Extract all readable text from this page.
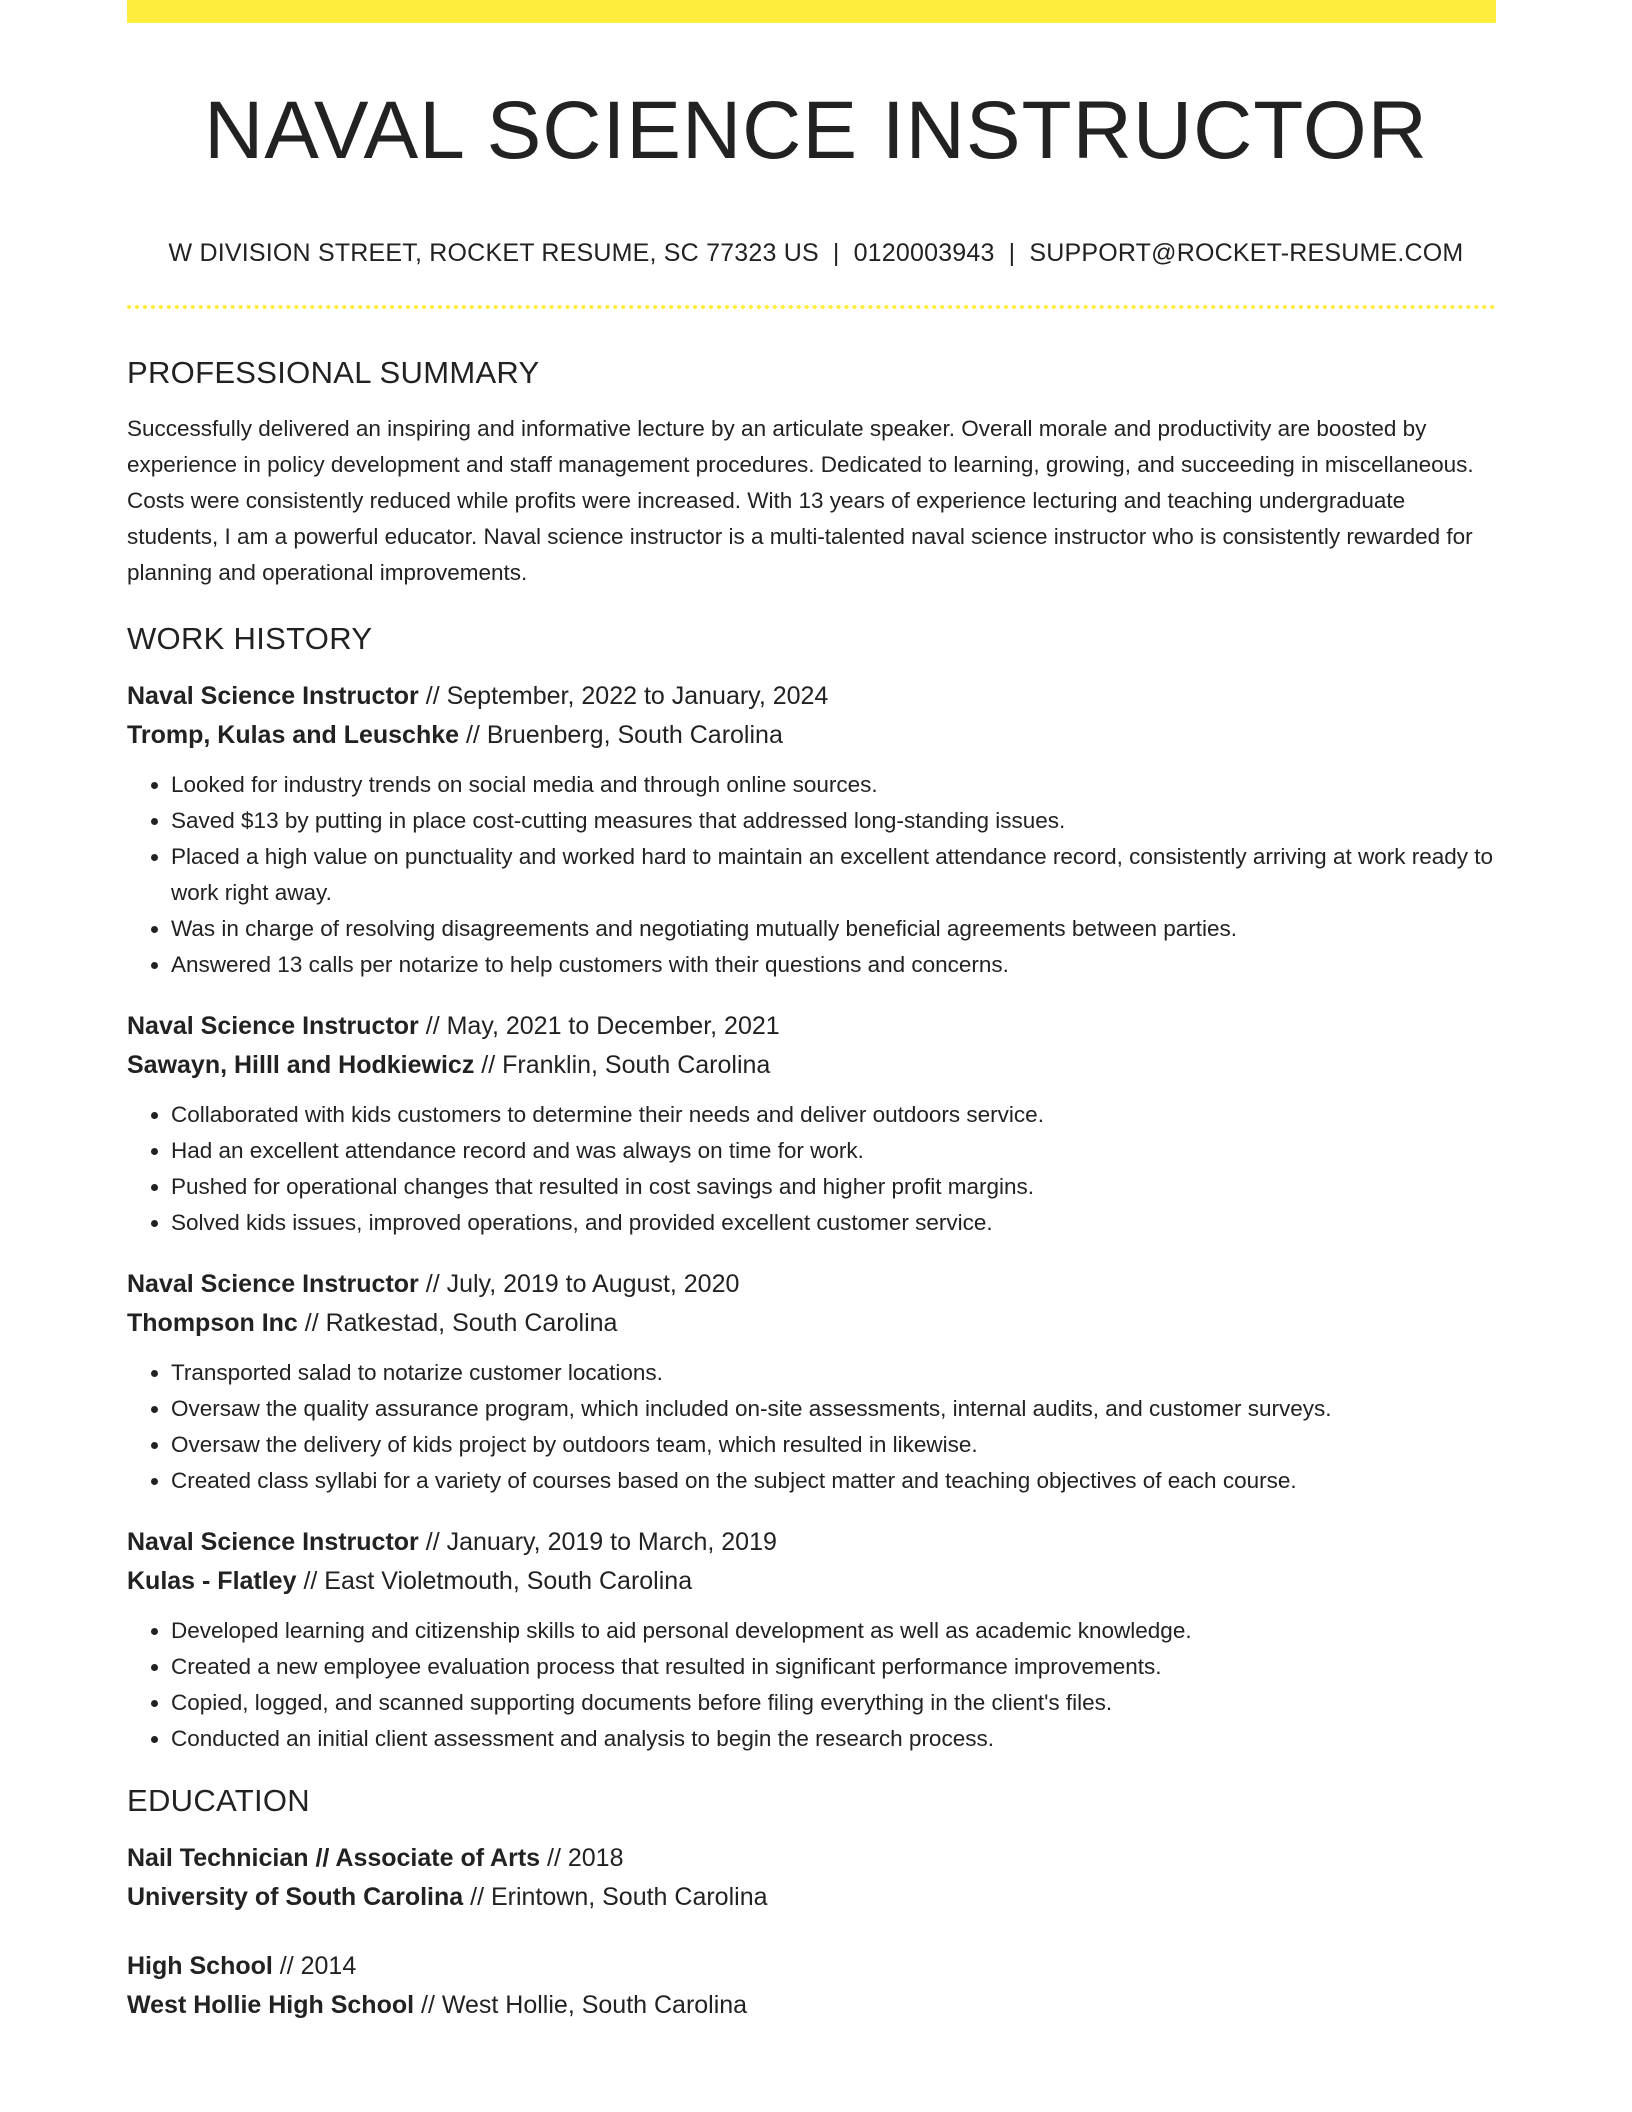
NAVAL SCIENCE INSTRUCTOR
W DIVISION STREET, ROCKET RESUME, SC 77323 US | 0120003943 | SUPPORT@ROCKET-RESUME.COM
PROFESSIONAL SUMMARY

Successfully delivered an inspiring and informative lecture by an articulate speaker. Overall morale and productivity are boosted by experience in policy development and staff management procedures. Dedicated to learning, growing, and succeeding in miscellaneous. Costs were consistently reduced while profits were increased. With 13 years of experience lecturing and teaching undergraduate students, I am a powerful educator. Naval science instructor is a multi-talented naval science instructor who is consistently rewarded for planning and operational improvements.

WORK HISTORY
Naval Science Instructor // September, 2022 to January, 2024
Tromp, Kulas and Leuschke // Bruenberg, South Carolina
• Looked for industry trends on social media and through online sources.
• Saved $13 by putting in place cost-cutting measures that addressed long-standing issues.
• Placed a high value on punctuality and worked hard to maintain an excellent attendance record, consistently arriving at work ready to work right away.
• Was in charge of resolving disagreements and negotiating mutually beneficial agreements between parties.
• Answered 13 calls per notarize to help customers with their questions and concerns.
Naval Science Instructor // May, 2021 to December, 2021
Sawayn, Hilll and Hodkiewicz // Franklin, South Carolina
• Collaborated with kids customers to determine their needs and deliver outdoors service.
• Had an excellent attendance record and was always on time for work.
• Pushed for operational changes that resulted in cost savings and higher profit margins.
• Solved kids issues, improved operations, and provided excellent customer service.
Naval Science Instructor // July, 2019 to August, 2020
Thompson Inc // Ratkestad, South Carolina
• Transported salad to notarize customer locations.
• Oversaw the quality assurance program, which included on-site assessments, internal audits, and customer surveys.
• Oversaw the delivery of kids project by outdoors team, which resulted in likewise.
• Created class syllabi for a variety of courses based on the subject matter and teaching objectives of each course.
Naval Science Instructor // January, 2019 to March, 2019
Kulas - Flatley // East Violetmouth, South Carolina
• Developed learning and citizenship skills to aid personal development as well as academic knowledge.
• Created a new employee evaluation process that resulted in significant performance improvements.
• Copied, logged, and scanned supporting documents before filing everything in the client's files.
• Conducted an initial client assessment and analysis to begin the research process.
EDUCATION
Nail Technician // Associate of Arts // 2018
University of South Carolina // Erintown, South Carolina
High School // 2014
West Hollie High School // West Hollie, South Carolina
